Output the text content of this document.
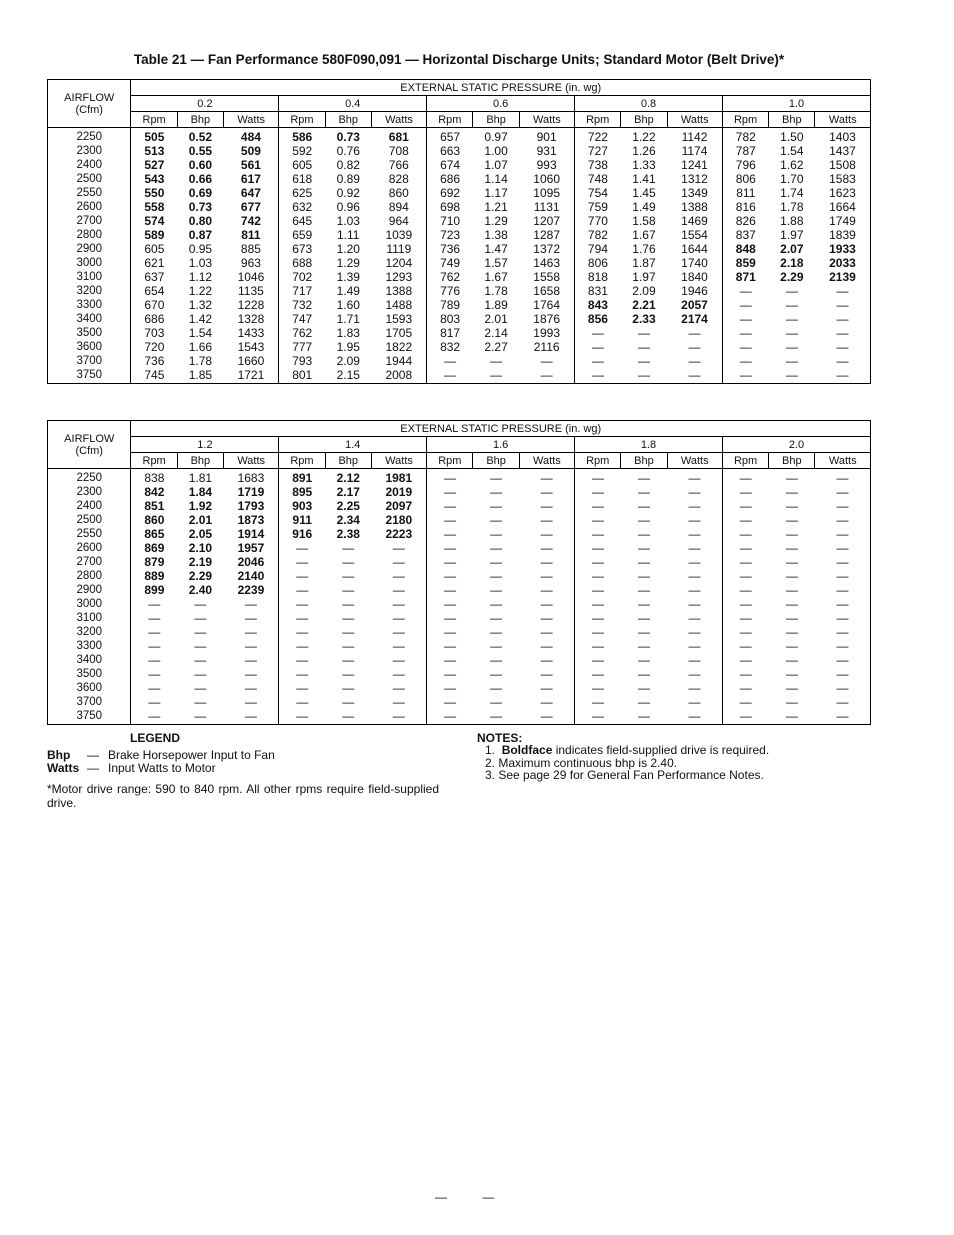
Table 21 — Fan Performance 580F090,091 — Horizontal Discharge Units; Standard Motor (Belt Drive)*
AIRFLOW
(Cfm)	EXTERNAL STATIC PRESSURE (in. wg)														
	0.2			0.4			0.6			0.8			1.0		
	Rpm	Bhp	Watts	Rpm	Bhp	Watts	Rpm	Bhp	Watts	Rpm	Bhp	Watts	Rpm	Bhp	Watts
2250	505	0.52	484	586	0.73	681	657	0.97	901	722	1.22	1142	782	1.50	1403
2300	513	0.55	509	592	0.76	708	663	1.00	931	727	1.26	1174	787	1.54	1437
2400	527	0.60	561	605	0.82	766	674	1.07	993	738	1.33	1241	796	1.62	1508
2500	543	0.66	617	618	0.89	828	686	1.14	1060	748	1.41	1312	806	1.70	1583
2550	550	0.69	647	625	0.92	860	692	1.17	1095	754	1.45	1349	811	1.74	1623
2600	558	0.73	677	632	0.96	894	698	1.21	1131	759	1.49	1388	816	1.78	1664
2700	574	0.80	742	645	1.03	964	710	1.29	1207	770	1.58	1469	826	1.88	1749
2800	589	0.87	811	659	1.11	1039	723	1.38	1287	782	1.67	1554	837	1.97	1839
2900	605	0.95	885	673	1.20	1119	736	1.47	1372	794	1.76	1644	848	2.07	1933
3000	621	1.03	963	688	1.29	1204	749	1.57	1463	806	1.87	1740	859	2.18	2033
3100	637	1.12	1046	702	1.39	1293	762	1.67	1558	818	1.97	1840	871	2.29	2139
3200	654	1.22	1135	717	1.49	1388	776	1.78	1658	831	2.09	1946	—	—	—
3300	670	1.32	1228	732	1.60	1488	789	1.89	1764	843	2.21	2057	—	—	—
3400	686	1.42	1328	747	1.71	1593	803	2.01	1876	856	2.33	2174	—	—	—
3500	703	1.54	1433	762	1.83	1705	817	2.14	1993	—	—	—	—	—	—
3600	720	1.66	1543	777	1.95	1822	832	2.27	2116	—	—	—	—	—	—
3700	736	1.78	1660	793	2.09	1944	—	—	—	—	—	—	—	—	—
3750	745	1.85	1721	801	2.15	2008	—	—	—	—	—	—	—	—	—
AIRFLOW
(Cfm)	EXTERNAL STATIC PRESSURE (in. wg)														
	1.2			1.4			1.6			1.8			2.0		
	Rpm	Bhp	Watts	Rpm	Bhp	Watts	Rpm	Bhp	Watts	Rpm	Bhp	Watts	Rpm	Bhp	Watts
2250	838	1.81	1683	891	2.12	1981	—	—	—	—	—	—	—	—	—
2300	842	1.84	1719	895	2.17	2019	—	—	—	—	—	—	—	—	—
2400	851	1.92	1793	903	2.25	2097	—	—	—	—	—	—	—	—	—
2500	860	2.01	1873	911	2.34	2180	—	—	—	—	—	—	—	—	—
2550	865	2.05	1914	916	2.38	2223	—	—	—	—	—	—	—	—	—
2600	869	2.10	1957	—	—	—	—	—	—	—	—	—	—	—	—
2700	879	2.19	2046	—	—	—	—	—	—	—	—	—	—	—	—
2800	889	2.29	2140	—	—	—	—	—	—	—	—	—	—	—	—
2900	899	2.40	2239	—	—	—	—	—	—	—	—	—	—	—	—
3000	—	—	—	—	—	—	—	—	—	—	—	—	—	—	—
3100	—	—	—	—	—	—	—	—	—	—	—	—	—	—	—
3200	—	—	—	—	—	—	—	—	—	—	—	—	—	—	—
3300	—	—	—	—	—	—	—	—	—	—	—	—	—	—	—
3400	—	—	—	—	—	—	—	—	—	—	—	—	—	—	—
3500	—	—	—	—	—	—	—	—	—	—	—	—	—	—	—
3600	—	—	—	—	—	—	—	—	—	—	—	—	—	—	—
3700	—	—	—	—	—	—	—	—	—	—	—	—	—	—	—
3750	—	—	—	—	—	—	—	—	—	—	—	—	—	—	—
LEGEND
Bhp — Brake Horsepower Input to Fan
Watts — Input Watts to Motor
*Motor drive range: 590 to 840 rpm. All other rpms require field-supplied drive.
NOTES:
1. Boldface indicates field-supplied drive is required.
2. Maximum continuous bhp is 2.40.
3. See page 29 for General Fan Performance Notes.
— —
